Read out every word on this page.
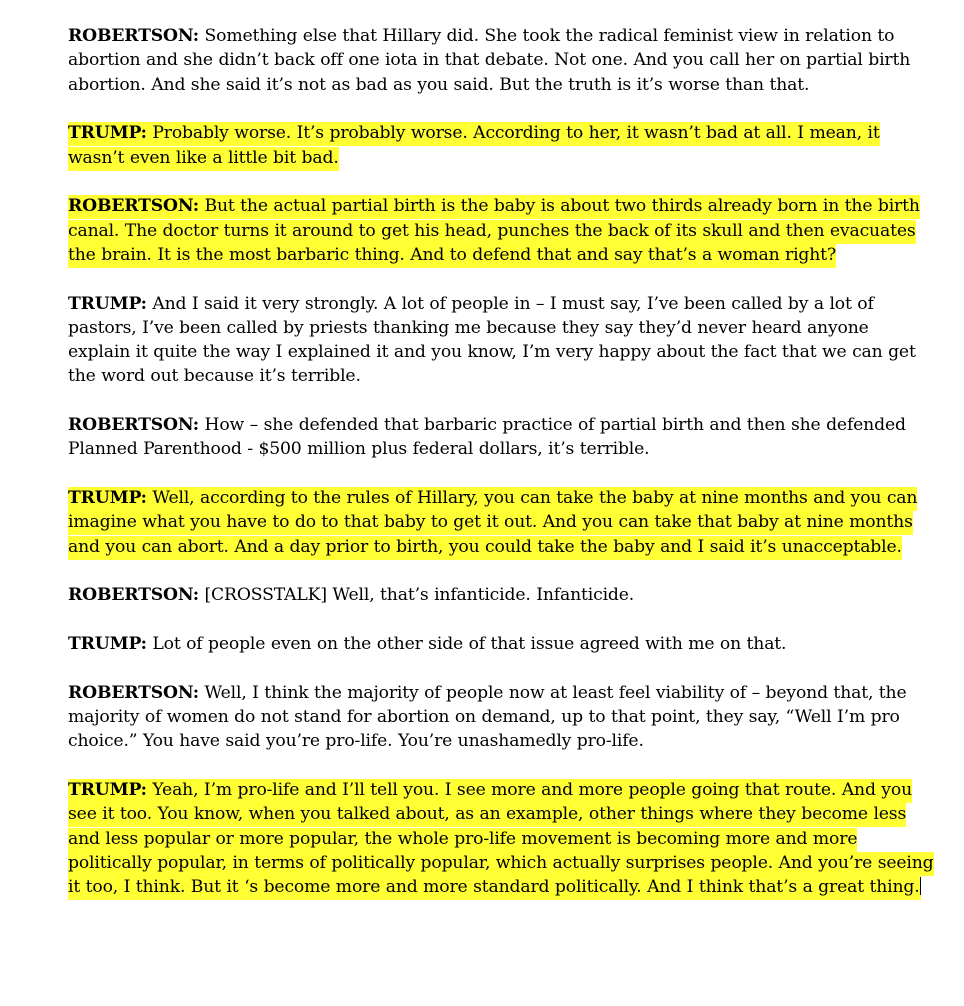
ROBERTSON: Something else that Hillary did. She took the radical feminist view in relation to abortion and she didn’t back off one iota in that debate. Not one. And you call her on partial birth abortion. And she said it’s not as bad as you said. But the truth is it’s worse than that.

TRUMP: Probably worse. It’s probably worse. According to her, it wasn’t bad at all. I mean, it wasn’t even like a little bit bad.

ROBERTSON: But the actual partial birth is the baby is about two thirds already born in the birth canal. The doctor turns it around to get his head, punches the back of its skull and then evacuates the brain. It is the most barbaric thing. And to defend that and say that’s a woman right?

TRUMP: And I said it very strongly. A lot of people in – I must say, I’ve been called by a lot of pastors, I’ve been called by priests thanking me because they say they’d never heard anyone explain it quite the way I explained it and you know, I’m very happy about the fact that we can get the word out because it’s terrible.

ROBERTSON: How – she defended that barbaric practice of partial birth and then she defended Planned Parenthood - $500 million plus federal dollars, it’s terrible.

TRUMP: Well, according to the rules of Hillary, you can take the baby at nine months and you can imagine what you have to do to that baby to get it out. And you can take that baby at nine months and you can abort. And a day prior to birth, you could take the baby and I said it’s unacceptable.

ROBERTSON: [CROSSTALK] Well, that’s infanticide. Infanticide.

TRUMP: Lot of people even on the other side of that issue agreed with me on that.

ROBERTSON: Well, I think the majority of people now at least feel viability of – beyond that, the majority of women do not stand for abortion on demand, up to that point, they say, “Well I’m pro choice.” You have said you’re pro-life. You’re unashamedly pro-life.

TRUMP: Yeah, I’m pro-life and I’ll tell you. I see more and more people going that route. And you see it too. You know, when you talked about, as an example, other things where they become less and less popular or more popular, the whole pro-life movement is becoming more and more politically popular, in terms of politically popular, which actually surprises people. And you’re seeing it too, I think. But it ‘s become more and more standard politically. And I think that’s a great thing.
